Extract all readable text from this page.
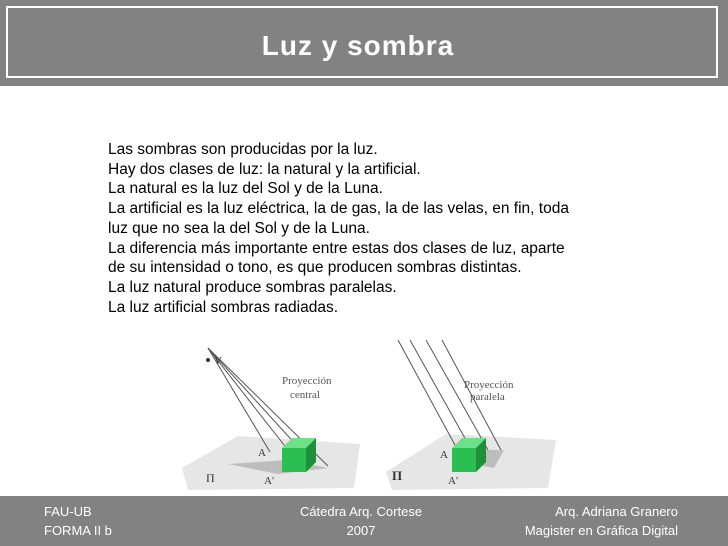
Luz y sombra
Las sombras son producidas por la luz.
Hay dos clases de luz: la natural y la artificial.
La natural es la luz del Sol y de la Luna.
La artificial es la luz eléctrica, la de gas, la de las velas, en fin, toda
luz que no sea la del Sol y de la Luna.
La diferencia más importante entre estas dos clases de luz, aparte
de su intensidad o tono, es que producen sombras distintas.
La luz natural produce sombras paralelas.
La luz artificial sombras radiadas.
V
Proyección
central
A
A'
Π
Proyección
paralela
A
A'
Π
FAU-UB
FORMA II b
Cátedra Arq. Cortese
2007
Arq. Adriana Granero
Magister en Gráfica Digital
